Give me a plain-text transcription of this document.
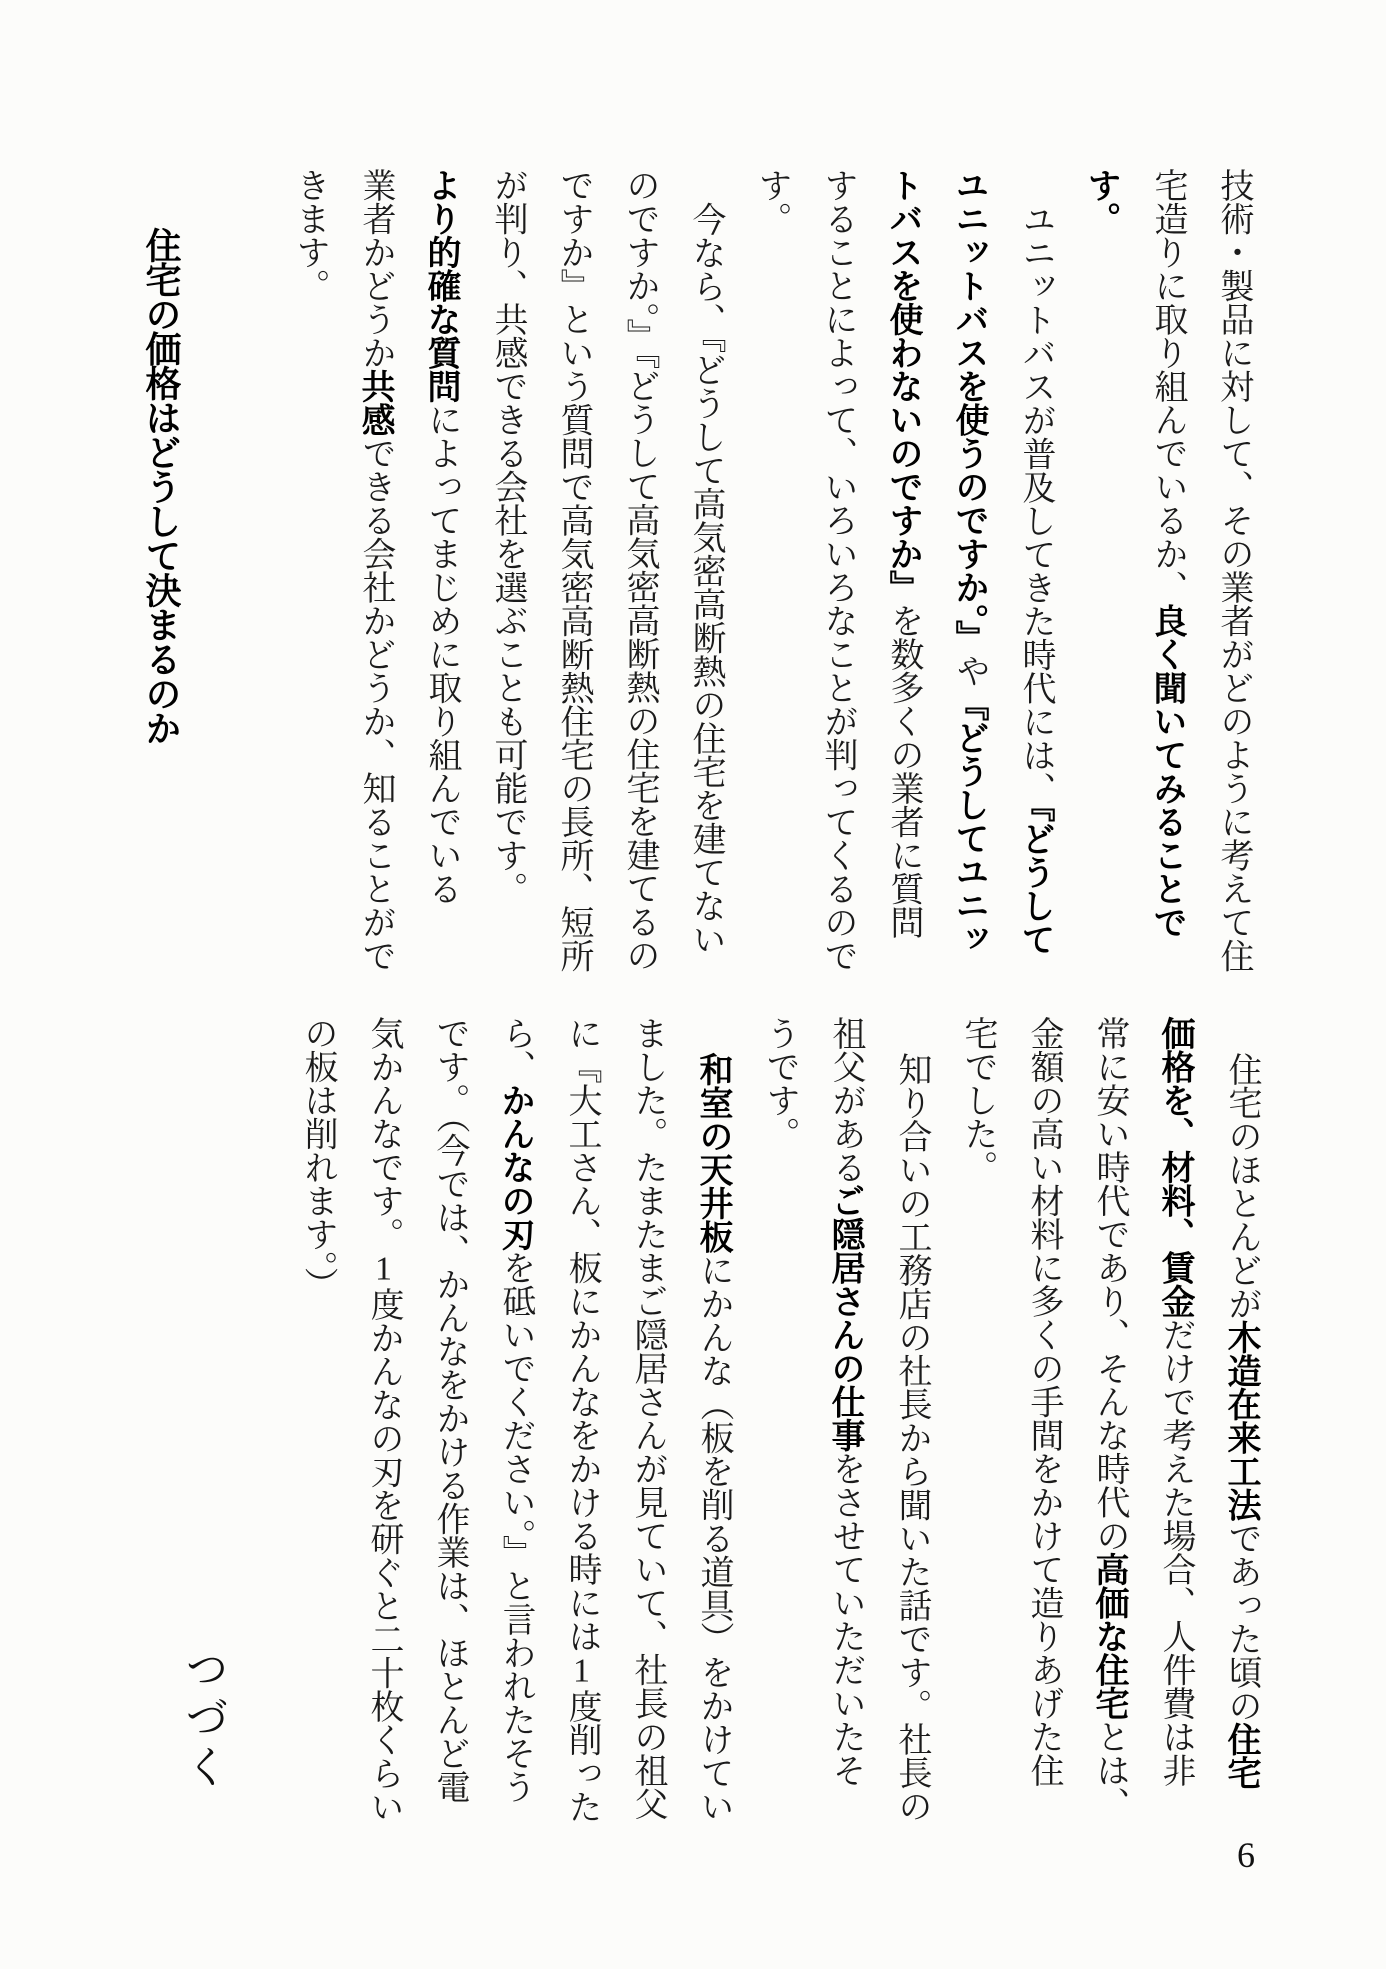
技術・製品に対して、その業者がどのように考えて住
宅造りに取り組んでいるか、良く聞いてみることで
す。
ユニットバスが普及してきた時代には、『どうして
ユニットバスを使うのですか。』や『どうしてユニッ
トバスを使わないのですか』を数多くの業者に質問
することによって、いろいろなことが判ってくるので
す。
今なら、『どうして高気密高断熱の住宅を建てない
のですか。』『どうして高気密高断熱の住宅を建てるの
ですか』という質問で高気密高断熱住宅の長所、短所
が判り、共感できる会社を選ぶことも可能です。
より的確な質問によってまじめに取り組んでいる
業者かどうか共感できる会社かどうか、知ることがで
きます。
住宅の価格はどうして決まるのか
住宅のほとんどが木造在来工法であった頃の住宅
価格を、材料、賃金だけで考えた場合、人件費は非
常に安い時代であり、そんな時代の高価な住宅とは、
金額の高い材料に多くの手間をかけて造りあげた住
宅でした。
知り合いの工務店の社長から聞いた話です。社長の
祖父があるご隠居さんの仕事をさせていただいたそ
うです。
和室の天井板にかんな（板を削る道具）をかけてい
ました。たまたまご隠居さんが見ていて、社長の祖父
に『大工さん、板にかんなをかける時には1度削った
ら、かんなの刃を砥いでください。』と言われたそう
です。（今では、かんなをかける作業は、ほとんど電
気かんなです。1度かんなの刃を研ぐと二十枚くらい
の板は削れます。）
つづく
6
